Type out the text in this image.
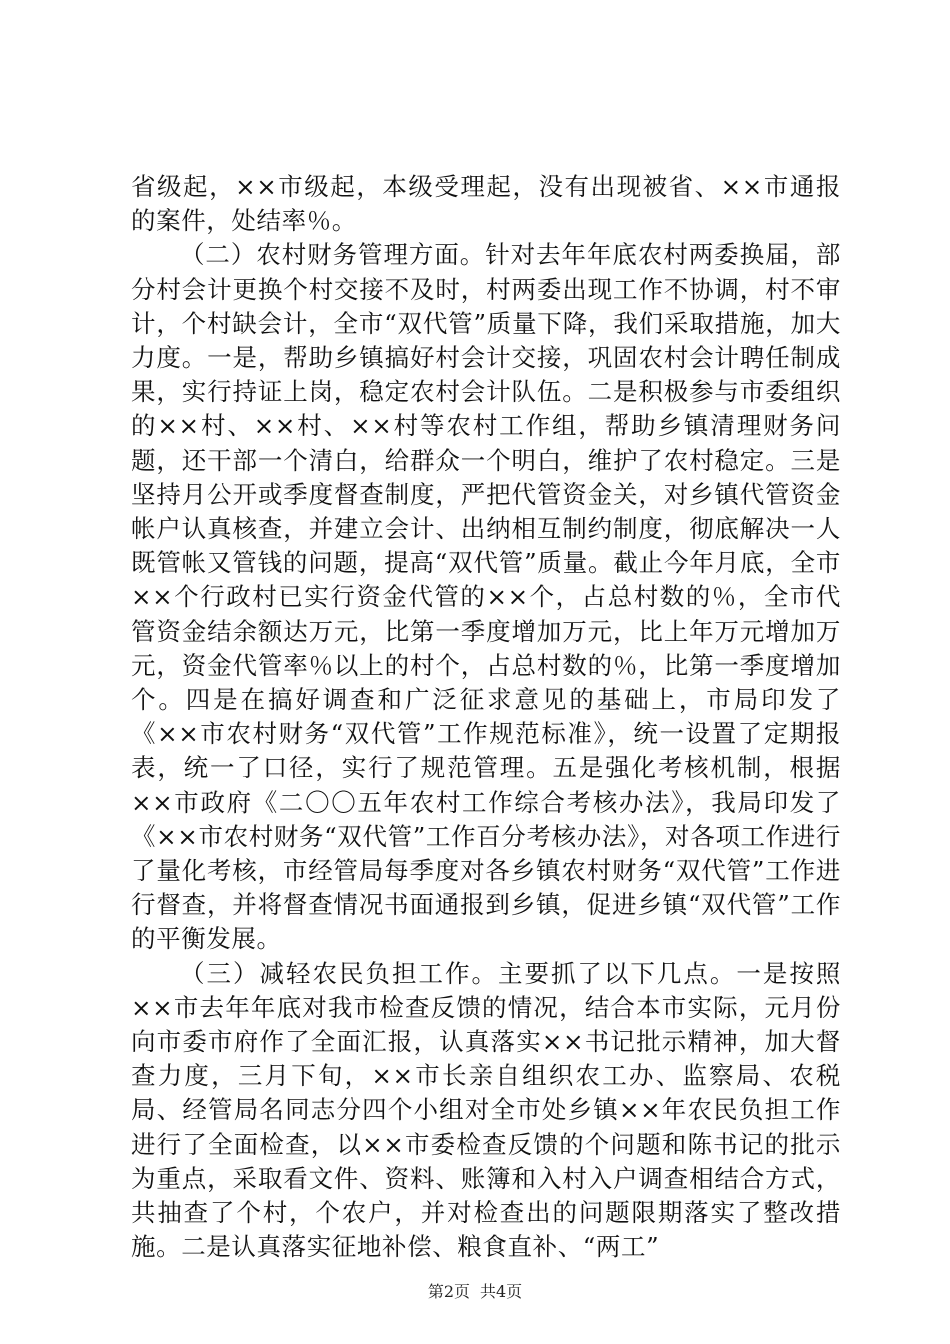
省级起，××市级起，本级受理起，没有出现被省、××市通报的案件，处结率％。

（二）农村财务管理方面。针对去年年底农村两委换届，部分村会计更换个村交接不及时，村两委出现工作不协调，村不审计，个村缺会计，全市“双代管”质量下降，我们采取措施，加大力度。一是，帮助乡镇搞好村会计交接，巩固农村会计聘任制成果，实行持证上岗，稳定农村会计队伍。二是积极参与市委组织的××村、××村、××村等农村工作组，帮助乡镇清理财务问题，还干部一个清白，给群众一个明白，维护了农村稳定。三是坚持月公开或季度督查制度，严把代管资金关，对乡镇代管资金帐户认真核查，并建立会计、出纳相互制约制度，彻底解决一人既管帐又管钱的问题，提高“双代管”质量。截止今年月底，全市××个行政村已实行资金代管的××个，占总村数的％，全市代管资金结余额达万元，比第一季度增加万元，比上年万元增加万元，资金代管率％以上的村个，占总村数的％，比第一季度增加个。四是在搞好调查和广泛征求意见的基础上，市局印发了《××市农村财务“双代管”工作规范标准》，统一设置了定期报表，统一了口径，实行了规范管理。五是强化考核机制，根据××市政府《二〇〇五年农村工作综合考核办法》，我局印发了《××市农村财务“双代管”工作百分考核办法》，对各项工作进行了量化考核，市经管局每季度对各乡镇农村财务“双代管”工作进行督查，并将督查情况书面通报到乡镇，促进乡镇“双代管”工作的平衡发展。

（三）减轻农民负担工作。主要抓了以下几点。一是按照××市去年年底对我市检查反馈的情况，结合本市实际，元月份向市委市府作了全面汇报，认真落实××书记批示精神，加大督查力度，三月下旬，××市长亲自组织农工办、监察局、农税局、经管局名同志分四个小组对全市处乡镇××年农民负担工作进行了全面检查，以××市委检查反馈的个问题和陈书记的批示为重点，采取看文件、资料、账簿和入村入户调查相结合方式，共抽查了个村，个农户，并对检查出的问题限期落实了整改措施。二是认真落实征地补偿、粮食直补、“两工”

第2页 共4页
